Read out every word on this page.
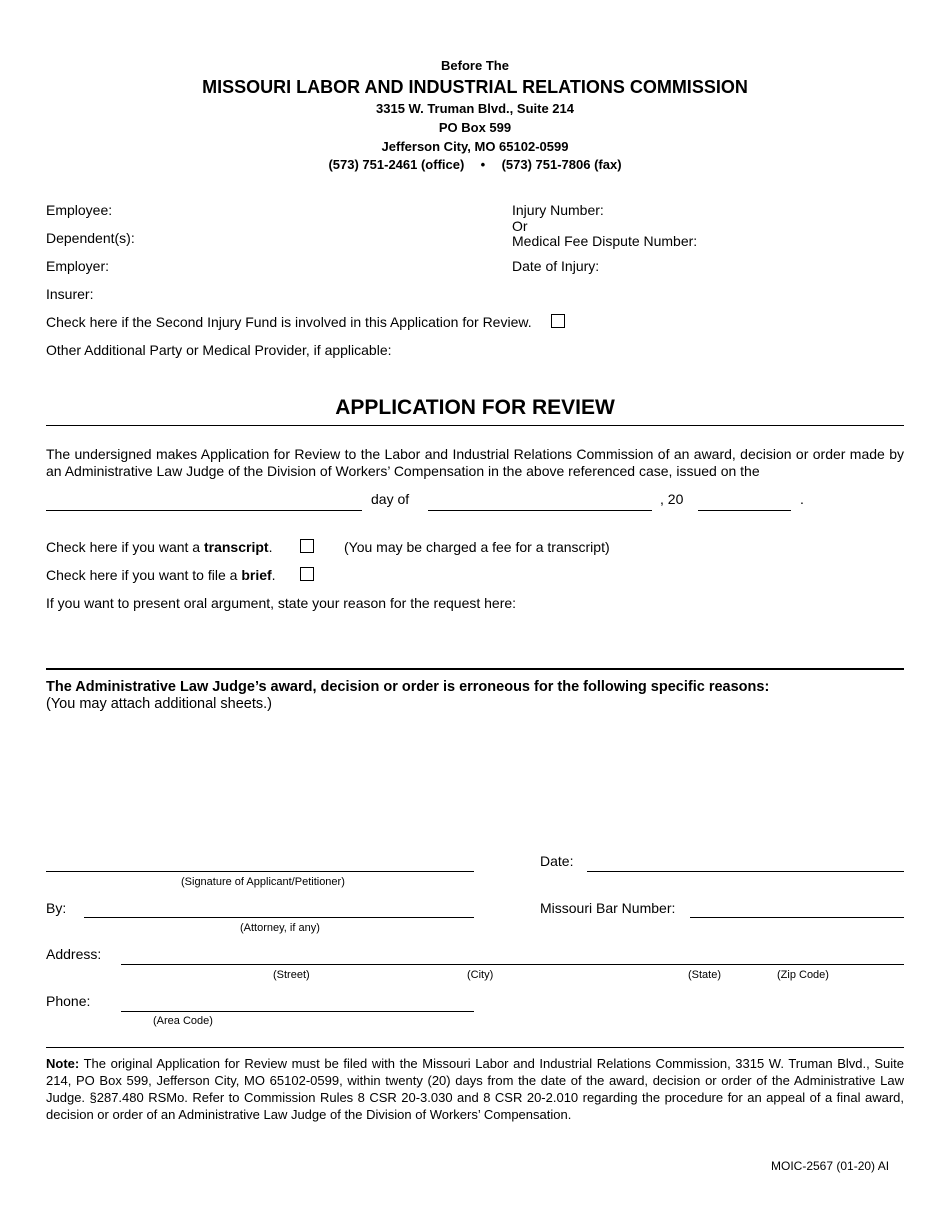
Before The
MISSOURI LABOR AND INDUSTRIAL RELATIONS COMMISSION
3315 W. Truman Blvd., Suite 214
PO Box 599
Jefferson City, MO 65102-0599
(573) 751-2461 (office) • (573) 751-7806 (fax)
Employee:
Dependent(s):
Employer:
Insurer:
Injury Number:
Or
Medical Fee Dispute Number:
Date of Injury:
Check here if the Second Injury Fund is involved in this Application for Review.
Other Additional Party or Medical Provider, if applicable:
APPLICATION FOR REVIEW
The undersigned makes Application for Review to the Labor and Industrial Relations Commission of an award, decision or order made by an Administrative Law Judge of the Division of Workers’ Compensation in the above referenced case, issued on the
day of	, 20	.
Check here if you want a transcript.	(You may be charged a fee for a transcript)
Check here if you want to file a brief.
If you want to present oral argument, state your reason for the request here:
The Administrative Law Judge’s award, decision or order is erroneous for the following specific reasons:
(You may attach additional sheets.)
(Signature of Applicant/Petitioner)
Date:
By:
(Attorney, if any)
Missouri Bar Number:
Address:
(Street)	(City)	(State)	(Zip Code)
Phone:
(Area Code)
Note: The original Application for Review must be filed with the Missouri Labor and Industrial Relations Commission, 3315 W. Truman Blvd., Suite 214, PO Box 599, Jefferson City, MO 65102-0599, within twenty (20) days from the date of the award, decision or order of the Administrative Law Judge. §287.480 RSMo. Refer to Commission Rules 8 CSR 20-3.030 and 8 CSR 20-2.010 regarding the procedure for an appeal of a final award, decision or order of an Administrative Law Judge of the Division of Workers’ Compensation.
MOIC-2567 (01-20) AI
